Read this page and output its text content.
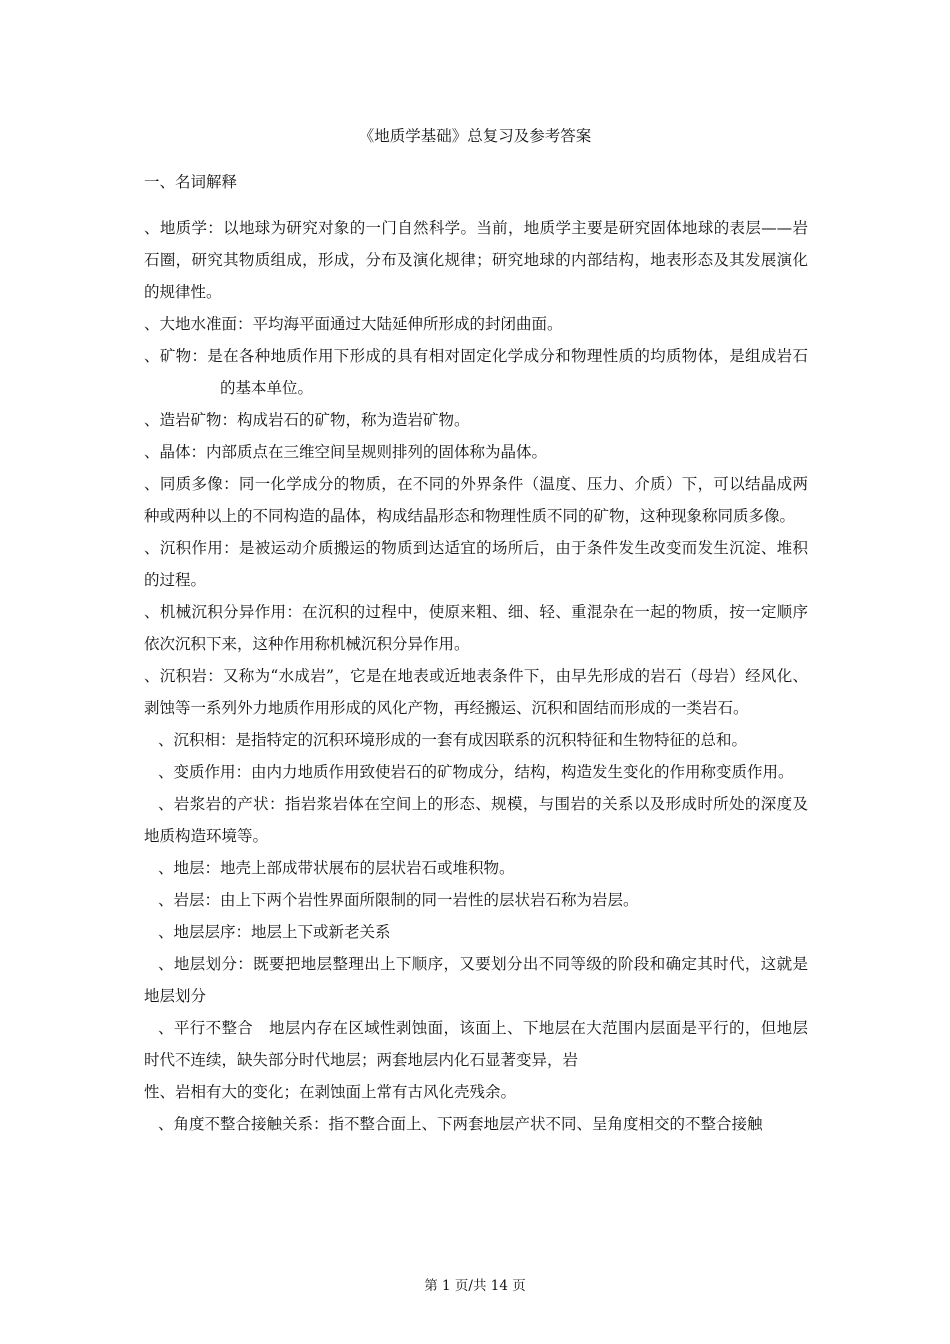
《地质学基础》总复习及参考答案
一、名词解释

、地质学：以地球为研究对象的一门自然科学。当前，地质学主要是研究固体地球的表层——岩石圈，研究其物质组成，形成，分布及演化规律；研究地球的内部结构，地表形态及其发展演化的规律性。

、大地水准面：平均海平面通过大陆延伸所形成的封闭曲面。

、矿物：是在各种地质作用下形成的具有相对固定化学成分和物理性质的均质物体，是组成岩石的基本单位。

、造岩矿物：构成岩石的矿物，称为造岩矿物。

、晶体：内部质点在三维空间呈规则排列的固体称为晶体。

、同质多像：同一化学成分的物质，在不同的外界条件（温度、压力、介质）下，可以结晶成两种或两种以上的不同构造的晶体，构成结晶形态和物理性质不同的矿物，这种现象称同质多像。

、沉积作用：是被运动介质搬运的物质到达适宜的场所后，由于条件发生改变而发生沉淀、堆积的过程。

、机械沉积分异作用：在沉积的过程中，使原来粗、细、轻、重混杂在一起的物质，按一定顺序依次沉积下来，这种作用称机械沉积分异作用。

、沉积岩：又称为“水成岩”，它是在地表或近地表条件下，由早先形成的岩石（母岩）经风化、剥蚀等一系列外力地质作用形成的风化产物，再经搬运、沉积和固结而形成的一类岩石。

、沉积相：是指特定的沉积环境形成的一套有成因联系的沉积特征和生物特征的总和。

、变质作用：由内力地质作用致使岩石的矿物成分，结构，构造发生变化的作用称变质作用。

、岩浆岩的产状：指岩浆岩体在空间上的形态、规模，与围岩的关系以及形成时所处的深度及地质构造环境等。

、地层：地壳上部成带状展布的层状岩石或堆积物。

、岩层：由上下两个岩性界面所限制的同一岩性的层状岩石称为岩层。

、地层层序：地层上下或新老关系

、地层划分：既要把地层整理出上下顺序，又要划分出不同等级的阶段和确定其时代，这就是地层划分

、平行不整合　地层内存在区域性剥蚀面，该面上、下地层在大范围内层面是平行的，但地层时代不连续，缺失部分时代地层；两套地层内化石显著变异，岩

性、岩相有大的变化；在剥蚀面上常有古风化壳残余。

、角度不整合接触关系：指不整合面上、下两套地层产状不同、呈角度相交的不整合接触

第 1 页/共 14 页
